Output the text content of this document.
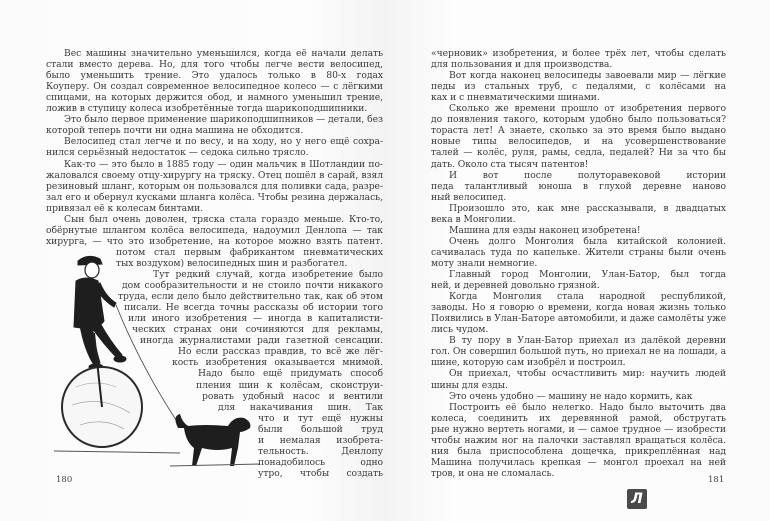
Л
Вес машины значительно уменьшился, когда её начали делать
стали вместо дерева. Но, для того чтобы легче вести велосипед,
было уменьшить трение. Это удалось только в 80-х годах
Коуперу. Он создал современное велосипедное колесо — с лёгкими
спицами, на которых держится обод, и намного уменьшил трение,
ложив в ступицу колеса изобретённые тогда шарикоподшипники.
Это было первое применение шарикоподшипников — детали, без
которой теперь почти ни одна машина не обходится.
Велосипед стал легче и по весу, и на ходу, но у него ещё сохра-
нился серьёзный недостаток — седока сильно трясло.
Как-то — это было в 1885 году — один мальчик в Шотландии по-
жаловался своему отцу-хирургу на тряску. Отец пошёл в сарай, взял
резиновый шланг, которым он пользовался для поливки сада, разре-
зал его и обернул кусками шланга колёса. Чтобы резина держалась,
привязал её к колесам бинтами.
Сын был очень доволен, тряска стала гораздо меньше. Кто-то,
обёрнутые шлангом колёса велосипеда, надоумил Денлопа — так
хирурга, — что это изобретение, на которое можно взять патент.
потом стал первым фабрикантом пневматических
тых воздухом) велосипедных шин и разбогател.
Тут редкий случай, когда изобретение было
дом сообразительности и не стоило почти никакого
труда, если дело было действительно так, как об этом
писали. Не всегда точны рассказы об истории того
или иного изобретения — иногда в капиталисти-
ческих странах они сочиняются для рекламы,
иногда журналистами ради газетной сенсации.
Но если рассказ правдив, то всё же лёг-
кость изобретения оказывается мнимой.
Надо было ещё придумать способ
пления шин к колёсам, сконструи-
ровать удобный насос и вентили
для накачивания шин. Так
что и тут ещё нужны
были большой труд
и немалая изобрета-
тельность. Денлопу
понадобилось одно
утро, чтобы создать
«черновик» изобретения, и более трёх лет, чтобы сделать
для пользования и для производства.
Вот когда наконец велосипеды завоевали мир — лёгкие
педы из стальных труб, с педалями, с колёсами на
ках и с пневматическими шинами.
Сколько же времени прошло от изобретения первого
до появления такого, которым удобно было пользоваться?
тораста лет! А знаете, сколько за это время было выдано
новые типы велосипедов, и на усовершенствование
талей — колёс, руля, рамы, седла, педалей? Ни за что бы
дать. Около ста тысяч патентов!
И вот после полуторавековой истории
педа талантливый юноша в глухой деревне наново
ный велосипед.
Произошло это, как мне рассказывали, в двадцатых
века в Монголии.
Машина для езды наконец изобретена!
Очень долго Монголия была китайской колонией.
сачивалась туда по капельке. Жители страны были очень
моту знали немногие.
Главный город Монголии, Улан-Батор, был тогда
ней, и деревней довольно грязной.
Когда Монголия стала народной республикой,
заводы. Но я говорю о времени, когда новая жизнь только
Появились в Улан-Баторе автомобили, и даже самолёты уже
лись чудом.
В ту пору в Улан-Батор приехал из далёкой деревни
гол. Он совершил большой путь, но приехал не на лошади, а
шине, которую сам изобрёл и построил.
Он приехал, чтобы осчастливить мир: научить людей
шины для езды.
Это очень удобно — машину не надо кормить, как
Построить её было нелегко. Надо было выточить два
колеса, соединить их деревянной рамой, обстругать
рые нужно вертеть ногами, и — самое трудное — изобрести
чтобы нажим ног на палочки заставлял вращаться колёса.
ния была приспособлена дощечка, прикреплённая над
Машина получилась крепкая — монгол проехал на ней
тров, и она не сломалась.
180	181
